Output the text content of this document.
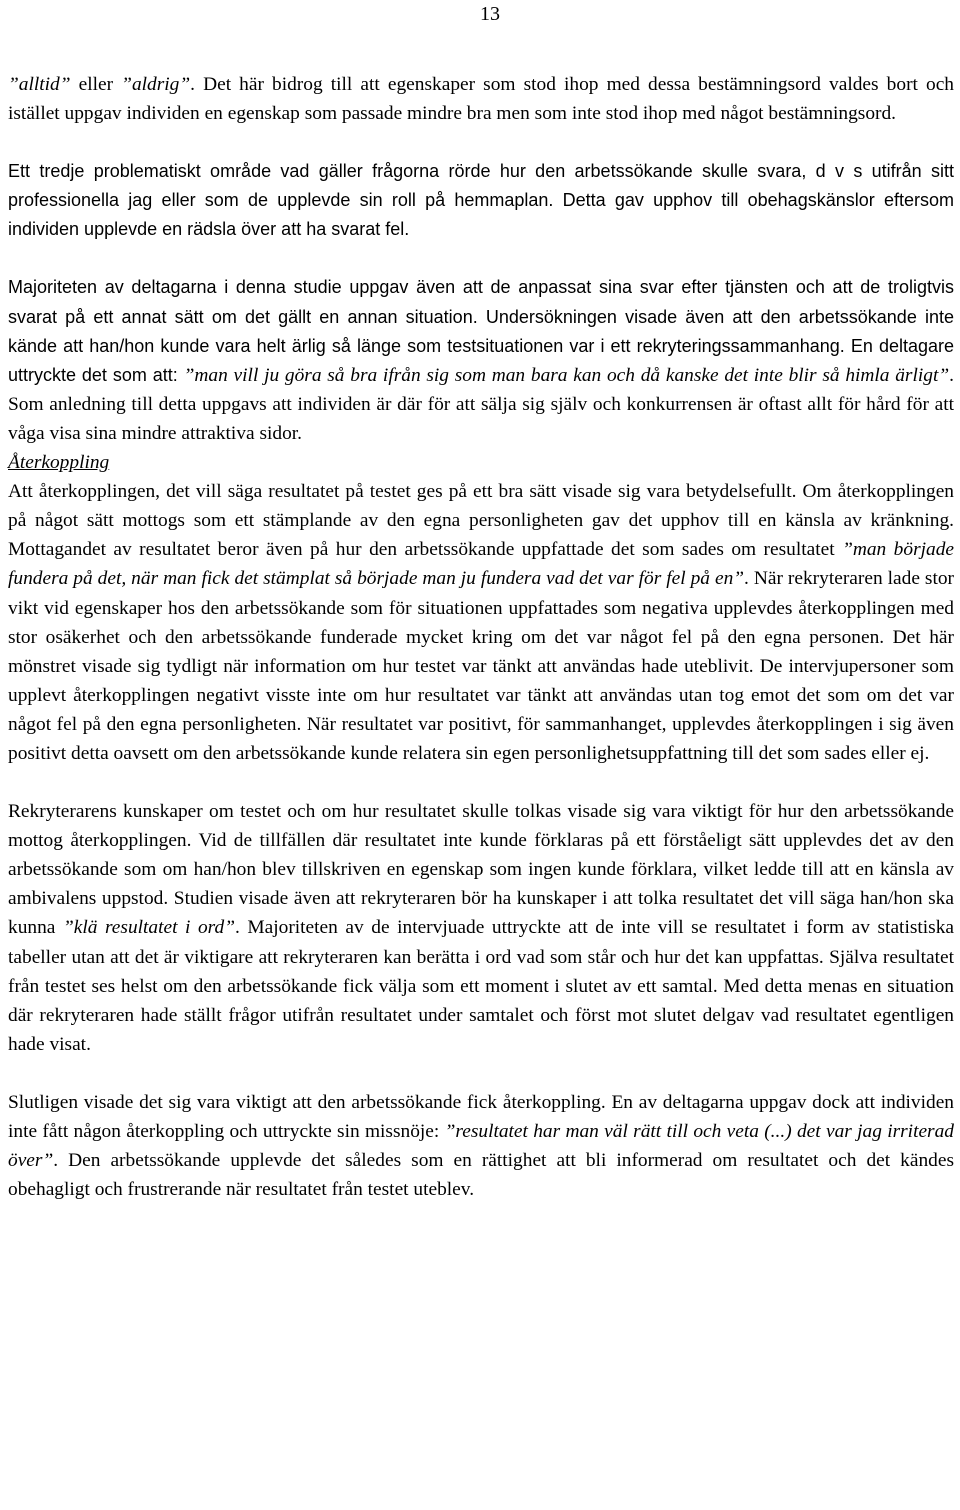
13

”alltid” eller ”aldrig”. Det här bidrog till att egenskaper som stod ihop med dessa bestämningsord valdes bort och istället uppgav individen en egenskap som passade mindre bra men som inte stod ihop med något bestämningsord.

Ett tredje problematiskt område vad gäller frågorna rörde hur den arbetssökande skulle svara, d v s utifrån sitt professionella jag eller som de upplevde sin roll på hemmaplan. Detta gav upphov till obehagskänslor eftersom individen upplevde en rädsla över att ha svarat fel.

Majoriteten av deltagarna i denna studie uppgav även att de anpassat sina svar efter tjänsten och att de troligtvis svarat på ett annat sätt om det gällt en annan situation. Undersökningen visade även att den arbetssökande inte kände att han/hon kunde vara helt ärlig så länge som testsituationen var i ett rekryteringssammanhang. En deltagare uttryckte det som att: ”man vill ju göra så bra ifrån sig som man bara kan och då kanske det inte blir så himla ärligt”. Som anledning till detta uppgavs att individen är där för att sälja sig själv och konkurrensen är oftast allt för hård för att våga visa sina mindre attraktiva sidor.

Återkoppling

Att återkopplingen, det vill säga resultatet på testet ges på ett bra sätt visade sig vara betydelsefullt. Om återkopplingen på något sätt mottogs som ett stämplande av den egna personligheten gav det upphov till en känsla av kränkning. Mottagandet av resultatet beror även på hur den arbetssökande uppfattade det som sades om resultatet ”man började fundera på det, när man fick det stämplat så började man ju fundera vad det var för fel på en”. När rekryteraren lade stor vikt vid egenskaper hos den arbetssökande som för situationen uppfattades som negativa upplevdes återkopplingen med stor osäkerhet och den arbetssökande funderade mycket kring om det var något fel på den egna personen. Det här mönstret visade sig tydligt när information om hur testet var tänkt att användas hade uteblivit. De intervjupersoner som upplevt återkopplingen negativt visste inte om hur resultatet var tänkt att användas utan tog emot det som om det var något fel på den egna personligheten. När resultatet var positivt, för sammanhanget, upplevdes återkopplingen i sig även positivt detta oavsett om den arbetssökande kunde relatera sin egen personlighetsuppfattning till det som sades eller ej.

Rekryterarens kunskaper om testet och om hur resultatet skulle tolkas visade sig vara viktigt för hur den arbetssökande mottog återkopplingen. Vid de tillfällen där resultatet inte kunde förklaras på ett förståeligt sätt upplevdes det av den arbetssökande som om han/hon blev tillskriven en egenskap som ingen kunde förklara, vilket ledde till att en känsla av ambivalens uppstod. Studien visade även att rekryteraren bör ha kunskaper i att tolka resultatet det vill säga han/hon ska kunna ”klä resultatet i ord”. Majoriteten av de intervjuade uttryckte att de inte vill se resultatet i form av statistiska tabeller utan att det är viktigare att rekryteraren kan berätta i ord vad som står och hur det kan uppfattas. Själva resultatet från testet ses helst om den arbetssökande fick välja som ett moment i slutet av ett samtal. Med detta menas en situation där rekryteraren hade ställt frågor utifrån resultatet under samtalet och först mot slutet delgav vad resultatet egentligen hade visat.

Slutligen visade det sig vara viktigt att den arbetssökande fick återkoppling. En av deltagarna uppgav dock att individen inte fått någon återkoppling och uttryckte sin missnöje: ”resultatet har man väl rätt till och veta (...) det var jag irriterad över”. Den arbetssökande upplevde det således som en rättighet att bli informerad om resultatet och det kändes obehagligt och frustrerande när resultatet från testet uteblev.
